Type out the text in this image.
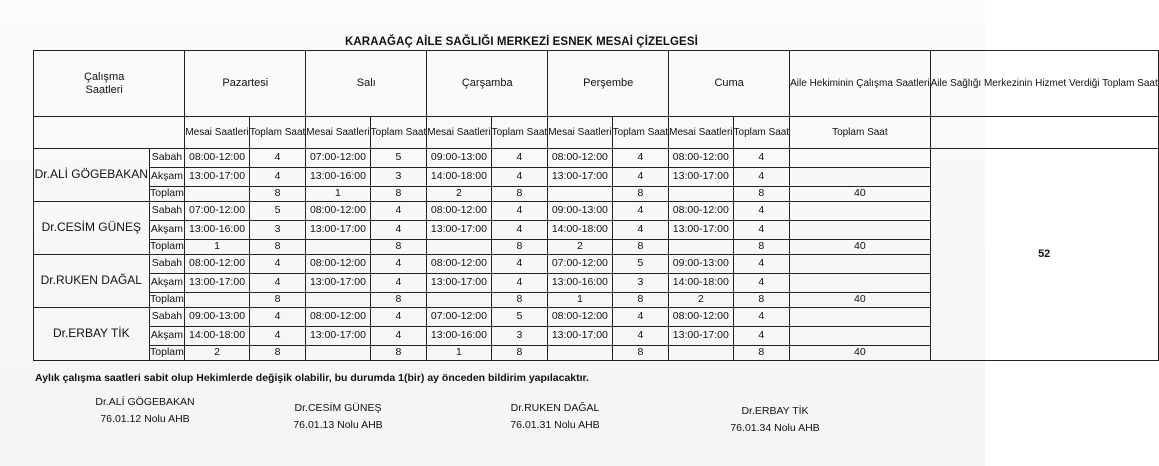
KARAAĞAÇ AİLE SAĞLIĞI MERKEZİ ESNEK MESAİ ÇİZELGESİ
Çalışma Saatleri		Pazartesi		Salı		Çarşamba		Perşembe		Cuma		Aile Hekiminin Çalışma Saatleri	Aile Sağlığı Merkezinin Hizmet Verdiği Toplam Saat
		Mesai Saatleri	Toplam Saat	Mesai Saatleri	Toplam Saat	Mesai Saatleri	Toplam Saat	Mesai Saatleri	Toplam Saat	Mesai Saatleri	Toplam Saat	Toplam Saat	
Dr.ALİ GÖGEBAKAN	Sabah	08:00-12:00	4	07:00-12:00	5	09:00-13:00	4	08:00-12:00	4	08:00-12:00	4		52
	Akşam	13:00-17:00	4	13:00-16:00	3	14:00-18:00	4	13:00-17:00	4	13:00-17:00	4		
	Toplam		8	1	8	2	8		8		8	40	
Dr.CESİM GÜNEŞ	Sabah	07:00-12:00	5	08:00-12:00	4	08:00-12:00	4	09:00-13:00	4	08:00-12:00	4		
	Akşam	13:00-16:00	3	13:00-17:00	4	13:00-17:00	4	14:00-18:00	4	13:00-17:00	4		
	Toplam	1	8		8		8	2	8		8	40	
Dr.RUKEN DAĞAL	Sabah	08:00-12:00	4	08:00-12:00	4	08:00-12:00	4	07:00-12:00	5	09:00-13:00	4		
	Akşam	13:00-17:00	4	13:00-17:00	4	13:00-17:00	4	13:00-16:00	3	14:00-18:00	4		
	Toplam		8		8		8	1	8	2	8	40	
Dr.ERBAY TİK	Sabah	09:00-13:00	4	08:00-12:00	4	07:00-12:00	5	08:00-12:00	4	08:00-12:00	4		
	Akşam	14:00-18:00	4	13:00-17:00	4	13:00-16:00	3	13:00-17:00	4	13:00-17:00	4		
	Toplam	2	8		8	1	8		8		8	40	
Aylık çalışma saatleri sabit olup Hekimlerde değişik olabilir, bu durumda 1(bir) ay önceden bildirim yapılacaktır.
Dr.ALİ GÖGEBAKAN
76.01.12 Nolu AHB
Dr.CESİM GÜNEŞ
76.01.13 Nolu AHB
Dr.RUKEN DAĞAL
76.01.31 Nolu AHB
Dr.ERBAY TİK
76.01.34 Nolu AHB
